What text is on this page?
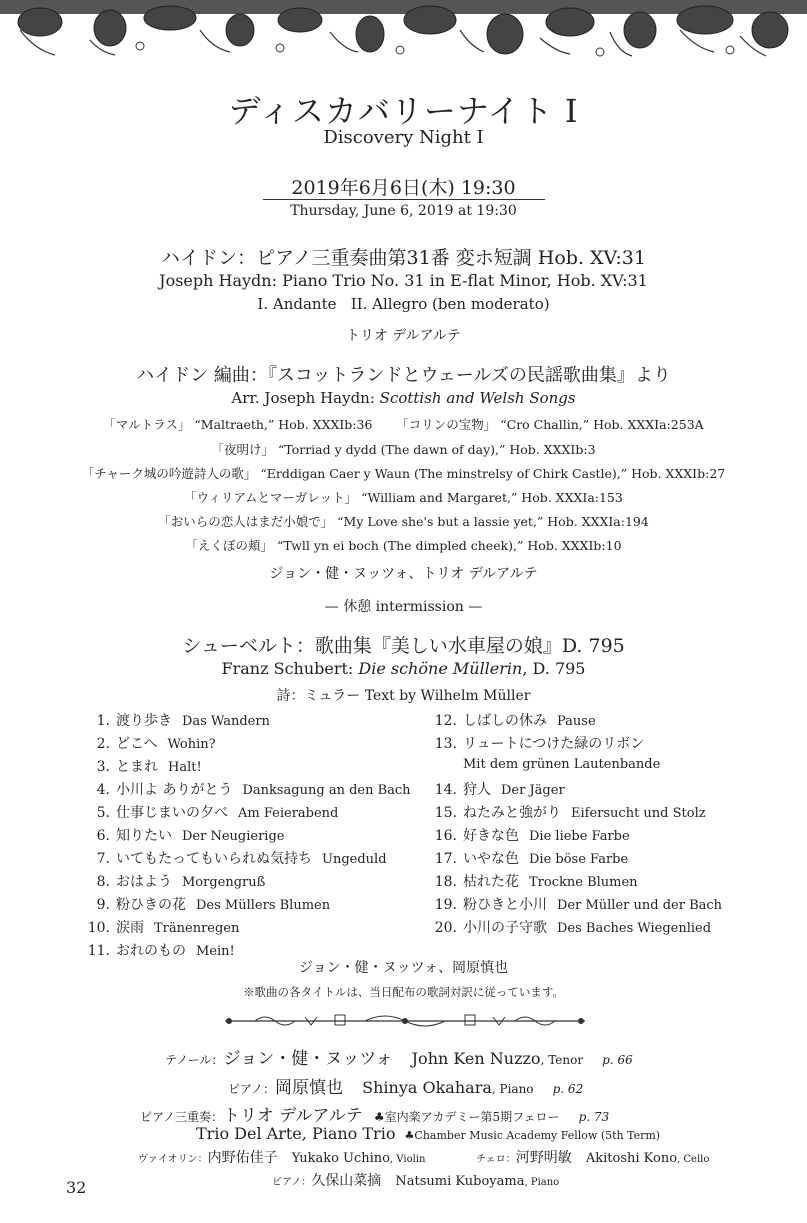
ディスカバリーナイト Ⅰ
Discovery Night I
2019年6月6日(木) 19:30
Thursday, June 6, 2019 at 19:30
ハイドン：ピアノ三重奏曲第31番 変ホ短調 Hob. XV:31
Joseph Haydn: Piano Trio No. 31 in E-flat Minor, Hob. XV:31
I. Andante   II. Allegro (ben moderato)
トリオ デルアルテ
ハイドン 編曲：『スコットランドとウェールズの民謡歌曲集』より
Arr. Joseph Haydn: Scottish and Welsh Songs
「マルトラス」 “Maltraeth,” Hob. XXXIb:36      「コリンの宝物」 “Cro Challin,” Hob. XXXIa:253A
「夜明け」 “Torriad y dydd (The dawn of day),” Hob. XXXIb:3
「チャーク城の吟遊詩人の歌」 “Erddigan Caer y Waun (The minstrelsy of Chirk Castle),” Hob. XXXIb:27
「ウィリアムとマーガレット」 “William and Margaret,” Hob. XXXIa:153
「おいらの恋人はまだ小娘で」 “My Love she's but a lassie yet,” Hob. XXXIa:194
「えくぼの頬」 “Twll yn ei boch (The dimpled cheek),” Hob. XXXIb:10
ジョン・健・ヌッツォ、トリオ デルアルテ
— 休憩 intermission —
シューベルト：歌曲集『美しい水車屋の娘』D. 795
Franz Schubert: Die schöne Müllerin, D. 795
詩：ミュラー Text by Wilhelm Müller
1. 渡り歩き Das Wandern
2. どこへ Wohin?
3. とまれ Halt!
4. 小川よ ありがとう Danksagung an den Bach
5. 仕事じまいの夕べ Am Feierabend
6. 知りたい Der Neugierige
7. いてもたってもいられぬ気持ち Ungeduld
8. おはよう Morgengruß
9. 粉ひきの花 Des Müllers Blumen
10. 涙雨 Tränenregen
11. おれのもの Mein!
12. しばしの休み Pause
13. リュートにつけた緑のリボン
Mit dem grünen Lautenbande
14. 狩人 Der Jäger
15. ねたみと強がり Eifersucht und Stolz
16. 好きな色 Die liebe Farbe
17. いやな色 Die böse Farbe
18. 枯れた花 Trockne Blumen
19. 粉ひきと小川 Der Müller und der Bach
20. 小川の子守歌 Des Baches Wiegenlied
ジョン・健・ヌッツォ、岡原慎也
※歌曲の各タイトルは、当日配布の歌詞対訳に従っています。
テノール：ジョン・健・ヌッツォ John Ken Nuzzo, Tenor p. 66
ピアノ：岡原慎也 Shinya Okahara, Piano p. 62
ピアノ三重奏：トリオ デルアルテ ♣室内楽アカデミー第5期フェロー p. 73
Trio Del Arte, Piano Trio ♣Chamber Music Academy Fellow (5th Term)
ヴァイオリン：内野佑佳子 Yukako Uchino, Violin	チェロ：河野明敏 Akitoshi Kono, Cello
ピアノ：久保山菜摘 Natsumi Kuboyama, Piano
32
